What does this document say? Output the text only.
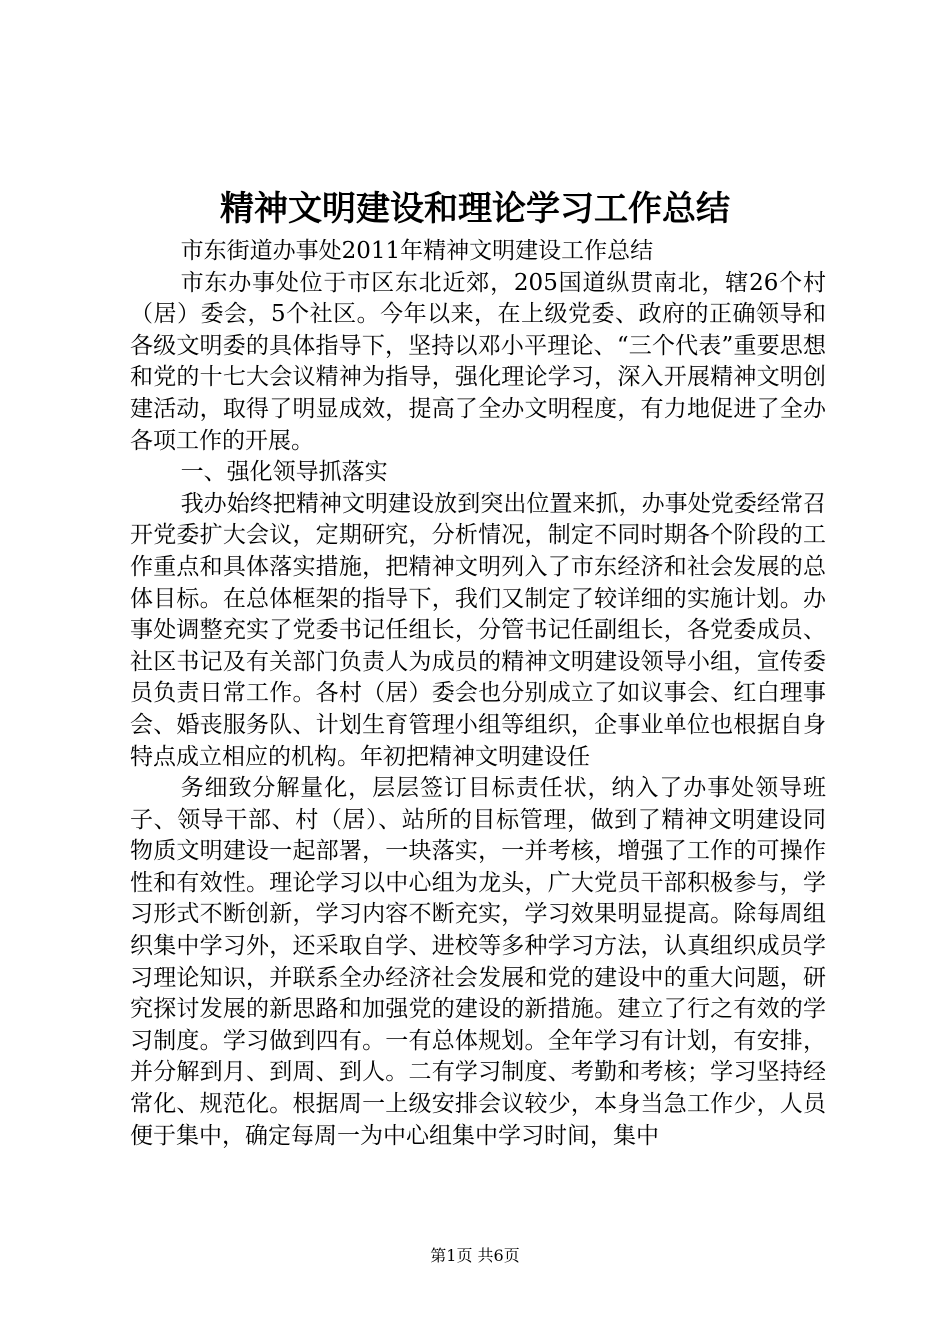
精神文明建设和理论学习工作总结

市东街道办事处2011年精神文明建设工作总结

市东办事处位于市区东北近郊，205国道纵贯南北，辖26个村（居）委会，5个社区。今年以来，在上级党委、政府的正确领导和各级文明委的具体指导下，坚持以邓小平理论、“三个代表”重要思想和党的十七大会议精神为指导，强化理论学习，深入开展精神文明创建活动，取得了明显成效，提高了全办文明程度，有力地促进了全办各项工作的开展。

一、强化领导抓落实

我办始终把精神文明建设放到突出位置来抓，办事处党委经常召开党委扩大会议，定期研究，分析情况，制定不同时期各个阶段的工作重点和具体落实措施，把精神文明列入了市东经济和社会发展的总体目标。在总体框架的指导下，我们又制定了较详细的实施计划。办事处调整充实了党委书记任组长，分管书记任副组长，各党委成员、社区书记及有关部门负责人为成员的精神文明建设领导小组，宣传委员负责日常工作。各村（居）委会也分别成立了如议事会、红白理事会、婚丧服务队、计划生育管理小组等组织，企事业单位也根据自身特点成立相应的机构。年初把精神文明建设任

务细致分解量化，层层签订目标责任状，纳入了办事处领导班子、领导干部、村（居）、站所的目标管理，做到了精神文明建设同物质文明建设一起部署，一块落实，一并考核，增强了工作的可操作性和有效性。理论学习以中心组为龙头，广大党员干部积极参与，学习形式不断创新，学习内容不断充实，学习效果明显提高。除每周组织集中学习外，还采取自学、进校等多种学习方法，认真组织成员学习理论知识，并联系全办经济社会发展和党的建设中的重大问题，研究探讨发展的新思路和加强党的建设的新措施。建立了行之有效的学习制度。学习做到四有。一有总体规划。全年学习有计划，有安排，并分解到月、到周、到人。二有学习制度、考勤和考核；学习坚持经常化、规范化。根据周一上级安排会议较少，本身当急工作少，人员便于集中，确定每周一为中心组集中学习时间，集中

第1页 共6页
